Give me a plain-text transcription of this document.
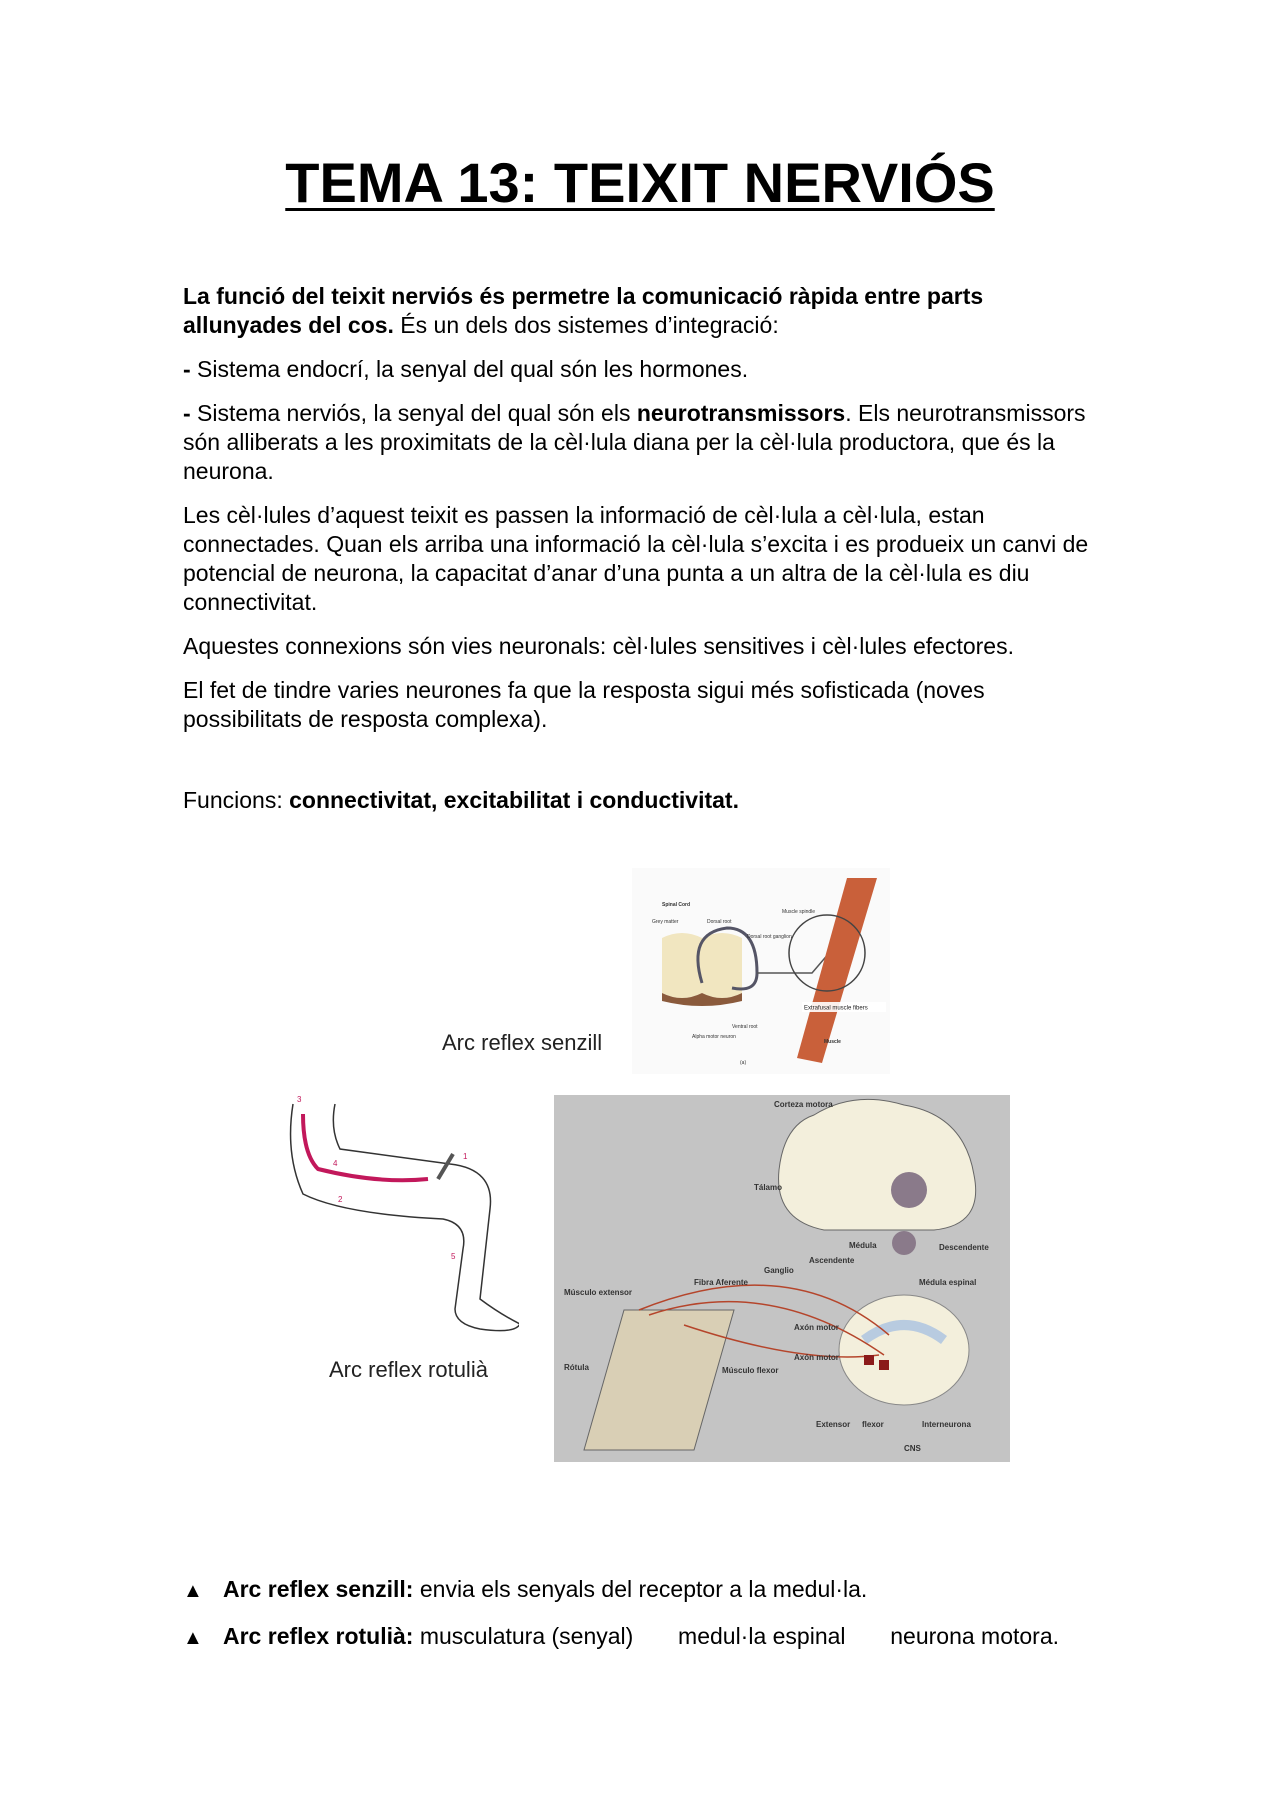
TEMA 13: TEIXIT NERVIÓS

La funció del teixit nerviós és permetre la comunicació ràpida entre parts allunyades del cos. És un dels dos sistemes d’integració:

- Sistema endocrí, la senyal del qual són les hormones.

- Sistema nerviós, la senyal del qual són els neurotransmissors. Els neurotransmissors són alliberats a les proximitats de la cèl·lula diana per la cèl·lula productora, que és la neurona.

Les cèl·lules d’aquest teixit es passen la informació de cèl·lula a cèl·lula, estan connectades. Quan els arriba una informació la cèl·lula s’excita i es produeix un canvi de potencial de neurona, la capacitat d’anar d’una punta a un altra de la cèl·lula es diu connectivitat.

Aquestes connexions són vies neuronals: cèl·lules sensitives i cèl·lules efectores.

El fet de tindre varies neurones fa que la resposta sigui més sofisticada (noves possibilitats de resposta complexa).

Funcions: connectivitat, excitabilitat i conductivitat.

Spinal Cord
Grey matter	Dorsal root
Dorsal root ganglion
Muscle spindle
Extrafusal muscle fibers
Ventral root
Alpha motor neuron
Muscle
(a)
Arc reflex senzill
1
2
3
4
5
Arc reflex rotulià
Corteza motora
Tálamo
Médula	Descendente
Ascendente
Ganglio
Fibra Aferente	Médula espinal
Músculo extensor
Axón motor
Axón motor
Rótula	Músculo flexor
Extensor flexor	Interneurona
CNS
▲ Arc reflex senzill: envia els senyals del receptor a la medul·la.
▲ Arc reflex rotulià: musculatura (senyal)       medul·la espinal       neurona motora.
